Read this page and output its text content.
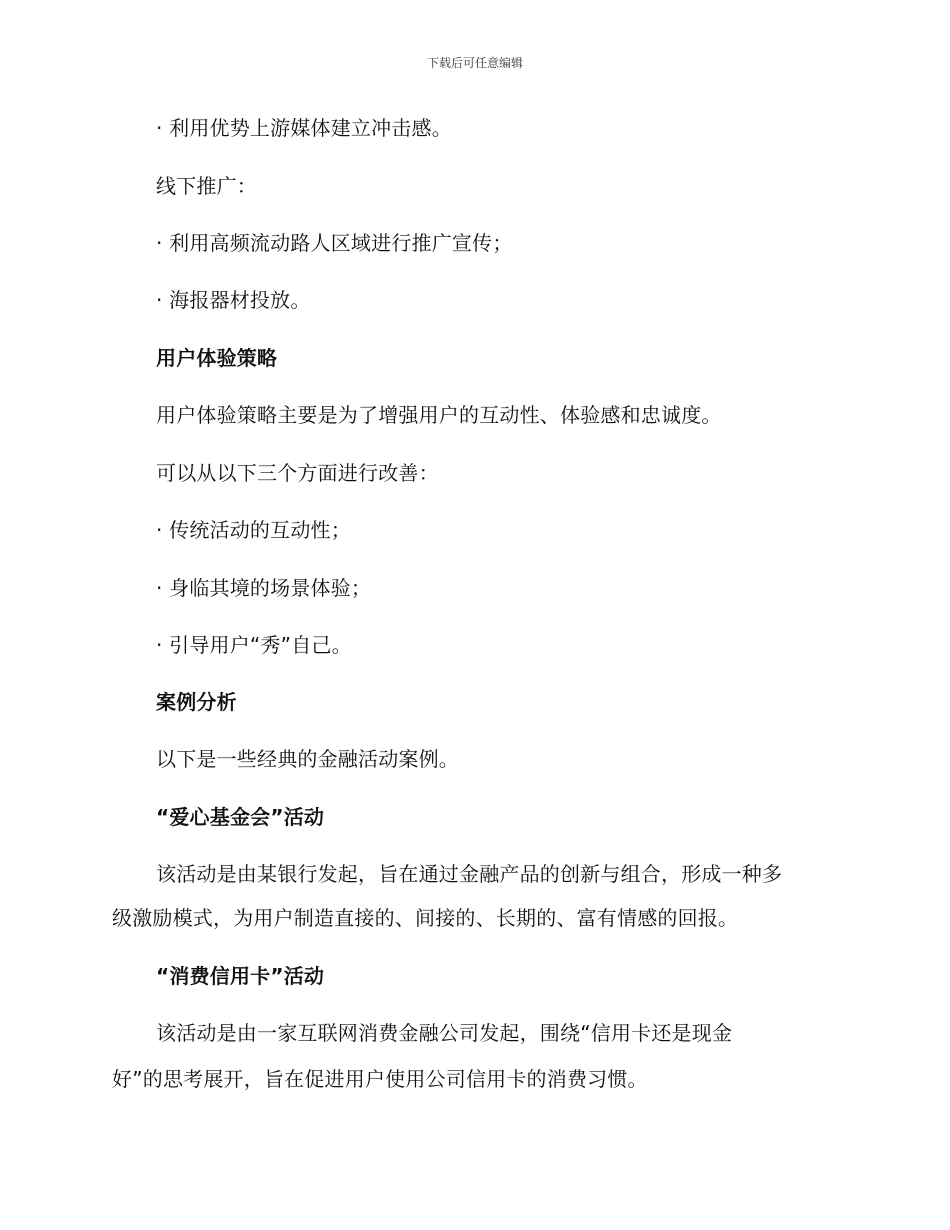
下载后可任意编辑
· 利用优势上游媒体建立冲击感。
线下推广：
· 利用高频流动路人区域进行推广宣传；
· 海报器材投放。
用户体验策略
用户体验策略主要是为了增强用户的互动性、体验感和忠诚度。
可以从以下三个方面进行改善：
· 传统活动的互动性；
· 身临其境的场景体验；
· 引导用户“秀”自己。
案例分析
以下是一些经典的金融活动案例。
“爱心基金会”活动
该活动是由某银行发起，旨在通过金融产品的创新与组合，形成一种多
级激励模式，为用户制造直接的、间接的、长期的、富有情感的回报。
“消费信用卡”活动
该活动是由一家互联网消费金融公司发起，围绕“信用卡还是现金
好”的思考展开，旨在促进用户使用公司信用卡的消费习惯。
